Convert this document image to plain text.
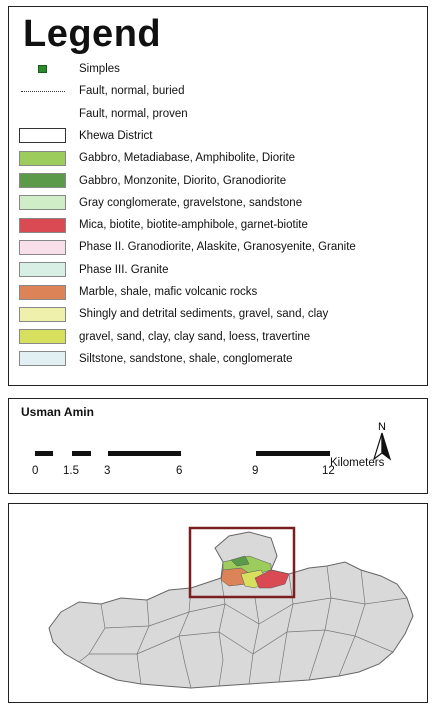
Legend
Simples
Fault, normal, buried
Fault, normal, proven
Khewa District
Gabbro, Metadiabase, Amphibolite, Diorite
Gabbro, Monzonite, Diorito, Granodiorite
Gray conglomerate, gravelstone, sandstone
Mica, biotite, biotite-amphibole, garnet-biotite
Phase II. Granodiorite, Alaskite, Granosyenite, Granite
Phase III. Granite
Marble, shale, mafic volcanic rocks
Shingly and detrital sediments, gravel, sand, clay
gravel, sand, clay, clay sand, loess, travertine
Siltstone, sandstone, shale, conglomerate
Usman Amin
N
Kilometers
0 1.5 3	6	9	12
